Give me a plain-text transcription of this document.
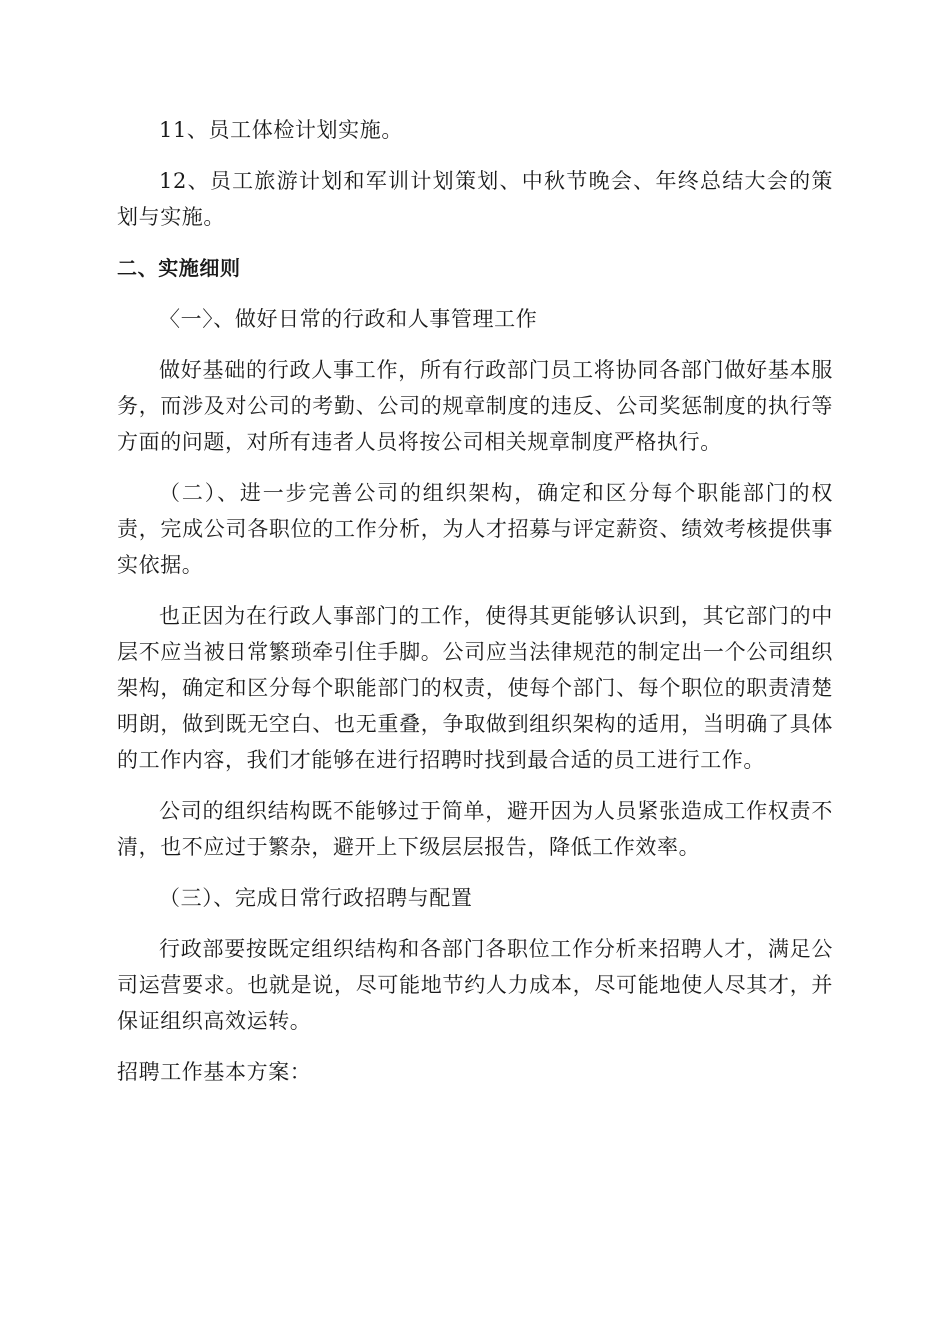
11、员工体检计划实施。

12、员工旅游计划和军训计划策划、中秋节晚会、年终总结大会的策划与实施。

二、实施细则

〈一〉、做好日常的行政和人事管理工作

做好基础的行政人事工作，所有行政部门员工将协同各部门做好基本服务，而涉及对公司的考勤、公司的规章制度的违反、公司奖惩制度的执行等方面的问题，对所有违者人员将按公司相关规章制度严格执行。

（二）、进一步完善公司的组织架构，确定和区分每个职能部门的权责，完成公司各职位的工作分析，为人才招募与评定薪资、绩效考核提供事实依据。

也正因为在行政人事部门的工作，使得其更能够认识到，其它部门的中层不应当被日常繁琐牵引住手脚。公司应当法律规范的制定出一个公司组织架构，确定和区分每个职能部门的权责，使每个部门、每个职位的职责清楚明朗，做到既无空白、也无重叠，争取做到组织架构的适用，当明确了具体的工作内容，我们才能够在进行招聘时找到最合适的员工进行工作。

公司的组织结构既不能够过于简单，避开因为人员紧张造成工作权责不清，也不应过于繁杂，避开上下级层层报告，降低工作效率。

（三）、完成日常行政招聘与配置

行政部要按既定组织结构和各部门各职位工作分析来招聘人才，满足公司运营要求。也就是说，尽可能地节约人力成本，尽可能地使人尽其才，并保证组织高效运转。

招聘工作基本方案：
